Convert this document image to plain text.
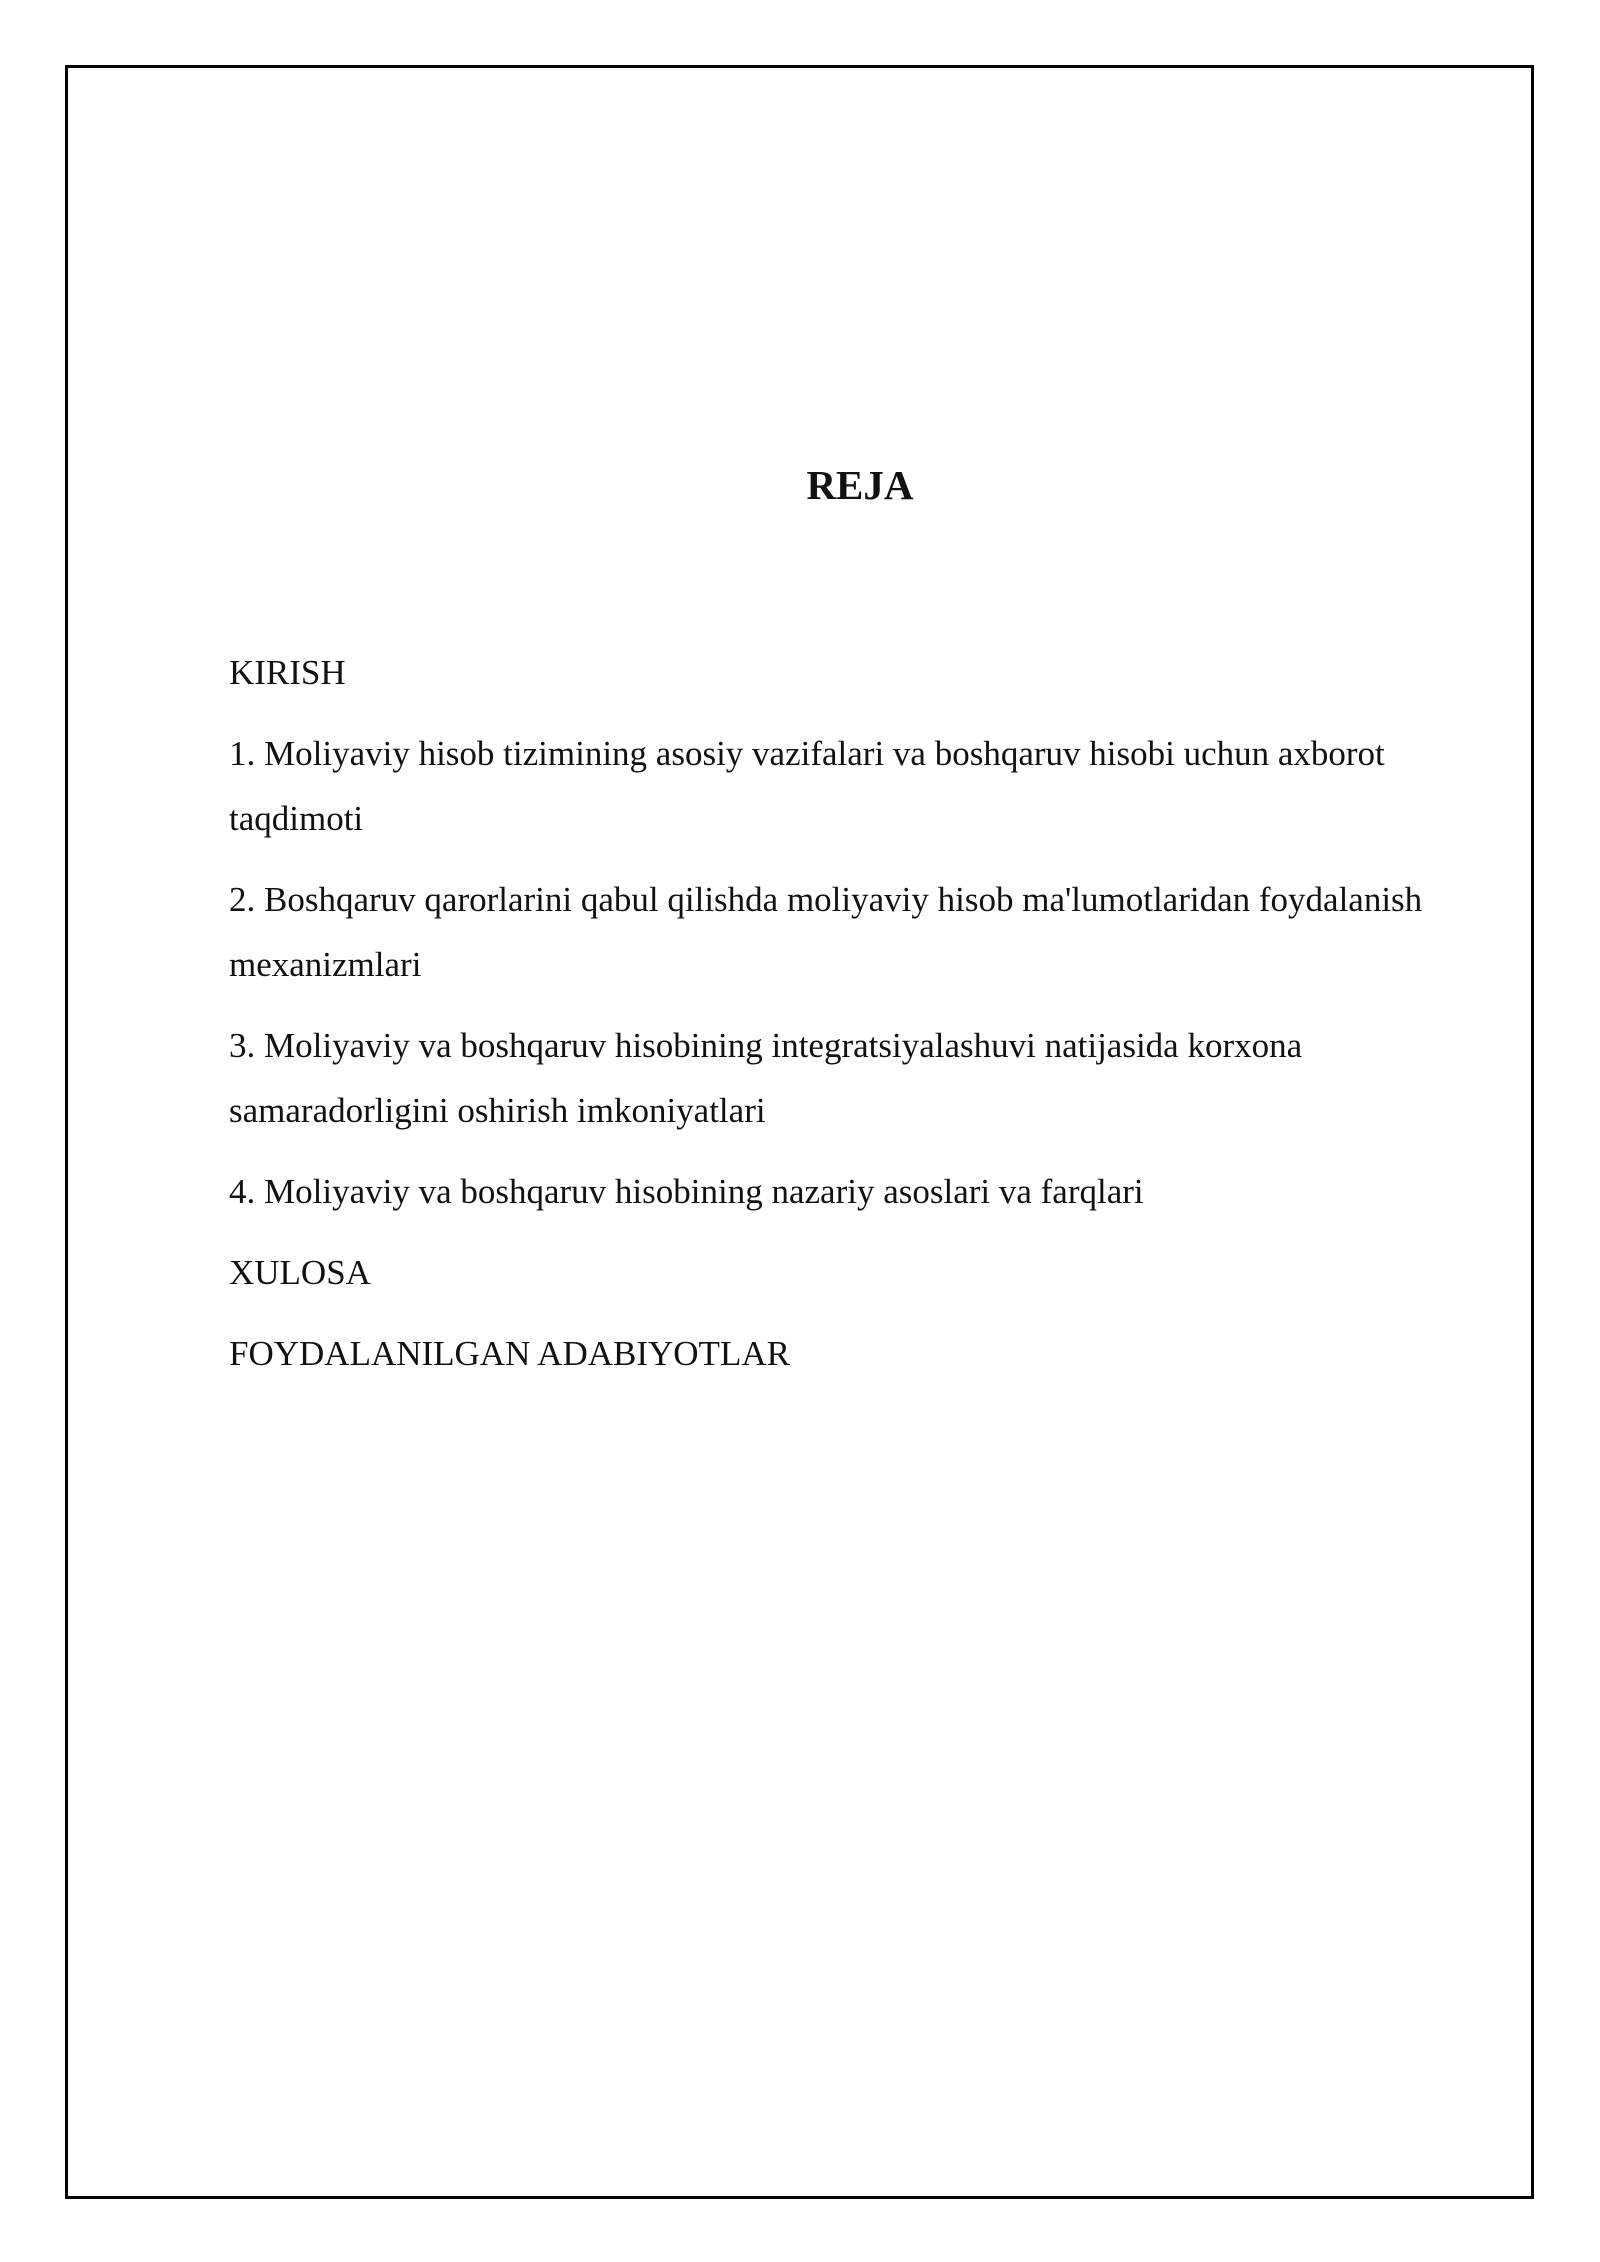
REJA
KIRISH
1. Moliyaviy hisob tizimining asosiy vazifalari va boshqaruv hisobi uchun axborot taqdimoti
2. Boshqaruv qarorlarini qabul qilishda moliyaviy hisob ma'lumotlaridan foydalanish mexanizmlari
3. Moliyaviy va boshqaruv hisobining integratsiyalashuvi natijasida korxona samaradorligini oshirish imkoniyatlari
4. Moliyaviy va boshqaruv hisobining nazariy asoslari va farqlari
XULOSA
FOYDALANILGAN ADABIYOTLAR
